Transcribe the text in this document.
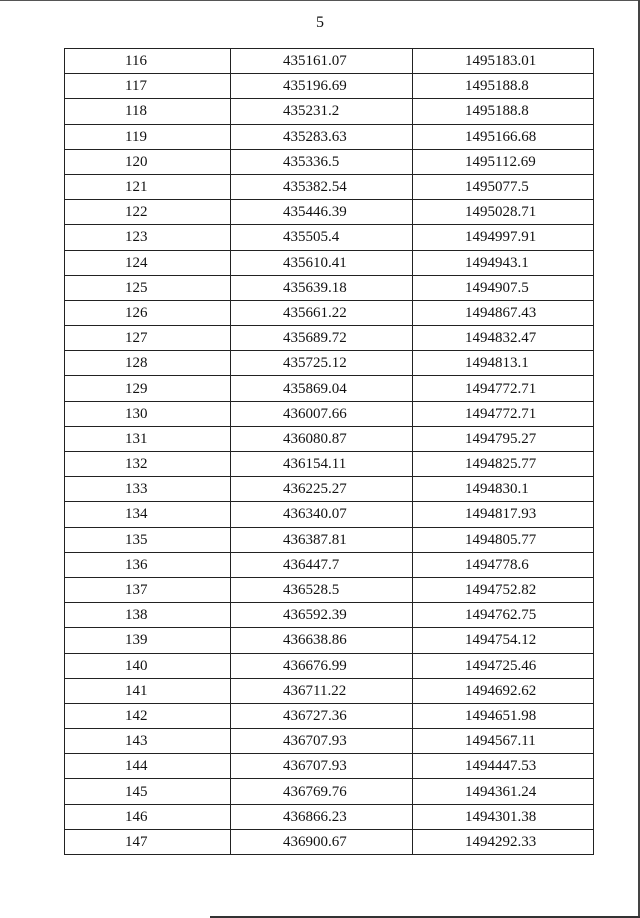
5
116	435161.07	1495183.01
117	435196.69	1495188.8
118	435231.2	1495188.8
119	435283.63	1495166.68
120	435336.5	1495112.69
121	435382.54	1495077.5
122	435446.39	1495028.71
123	435505.4	1494997.91
124	435610.41	1494943.1
125	435639.18	1494907.5
126	435661.22	1494867.43
127	435689.72	1494832.47
128	435725.12	1494813.1
129	435869.04	1494772.71
130	436007.66	1494772.71
131	436080.87	1494795.27
132	436154.11	1494825.77
133	436225.27	1494830.1
134	436340.07	1494817.93
135	436387.81	1494805.77
136	436447.7	1494778.6
137	436528.5	1494752.82
138	436592.39	1494762.75
139	436638.86	1494754.12
140	436676.99	1494725.46
141	436711.22	1494692.62
142	436727.36	1494651.98
143	436707.93	1494567.11
144	436707.93	1494447.53
145	436769.76	1494361.24
146	436866.23	1494301.38
147	436900.67	1494292.33
